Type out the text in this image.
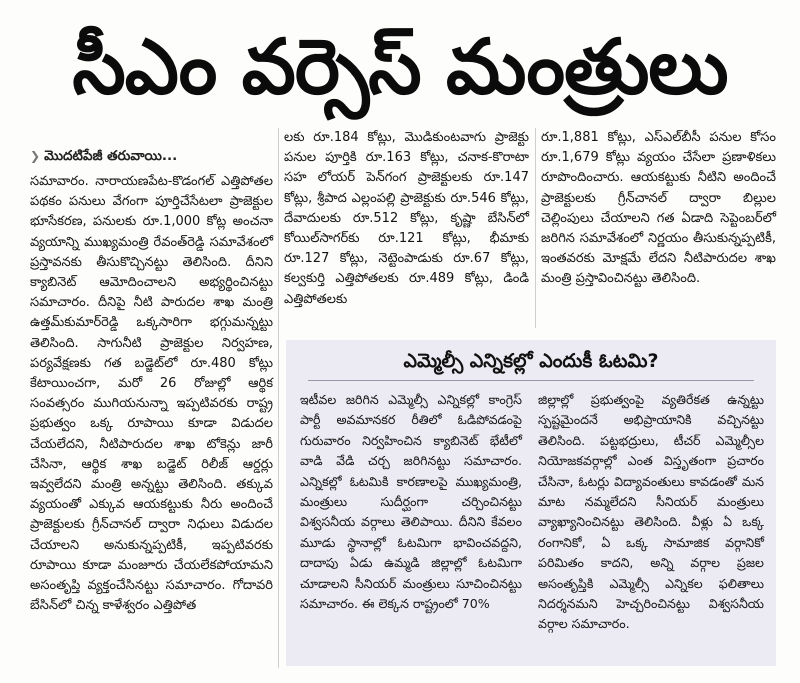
సీఎం వర్సెస్ మంత్రులు
❯ మొదటిపేజీ తరువాయి...

సమావారం. నారాయణపేట-కొడంగల్ ఎత్తిపోతల పథకం పనులు వేగంగా పూర్తిచేసేటలా ప్రాజెక్టుల భూసేకరణ, పనులకు రూ.1,000 కోట్ల అంచనా వ్యయాన్ని ముఖ్యమంత్రి రేవంత్‌రెడ్డి సమావేశంలో ప్రస్తావనకు తీసుకొచ్చినట్టు తెలిసింది. దీనిని క్యాబినెట్ ఆమోదించాలని అభ్యర్థించినట్టు సమాచారం. దీనిపై నీటి పారుదల శాఖ మంత్రి ఉత్తమ్‌కుమార్‌రెడ్డి ఒక్కసారిగా భగ్గుమన్నట్టు తెలిసింది. సాగునీటి ప్రాజెక్టుల నిర్వహణ, పర్యవేక్షణకు గత బడ్జెట్‌లో రూ.480 కోట్లు కేటాయించగా, మరో 26 రోజుల్లో ఆర్థిక సంవత్సరం ముగియనున్నా ఇప్పటివరకు రాష్ట్ర ప్రభుత్వం ఒక్క రూపాయి కూడా విడుదల చేయలేదని, నీటిపారుదల శాఖ టోకెన్లు జారీ చేసినా, ఆర్థిక శాఖ బడ్జెట్ రిలీజ్ ఆర్డర్లు ఇవ్వలేదని మంత్రి అన్నట్టు తెలిసింది. తక్కువ వ్యయంతో ఎక్కువ ఆయకట్టుకు నీరు అందించే ప్రాజెక్టులకు గ్రీన్‌చానల్ ద్వారా నిధులు విడుదల చేయాలని అనుకున్నప్పటికీ, ఇప్పటివరకు రూపాయి కూడా మంజూరు చేయలేకపోయామని అసంతృప్తి వ్యక్తంచేసినట్టు సమాచారం. గోదావరి బేసిన్‌లో చిన్న కాళేశ్వరం ఎత్తిపోత

లకు రూ.184 కోట్లు, మొడికుంటవాగు ప్రాజెక్టు పనుల పూర్తికి రూ.163 కోట్లు, చనాక-కొరాటా సహ లోయర్ పెన్‌గంగ ప్రాజెక్టులకు రూ.147 కోట్లు, శ్రీపాద ఎల్లంపల్లి ప్రాజెక్టుకు రూ.546 కోట్లు, దేవాదులకు రూ.512 కోట్లు, కృష్ణా బేసిన్‌లో కోయిల్‌సాగర్‌కు రూ.121 కోట్లు, భీమాకు రూ.127 కోట్లు, నెట్టెంపాడుకు రూ.67 కోట్లు, కల్వకుర్తి ఎత్తిపోతలకు రూ.489 కోట్లు, డిండి ఎత్తిపోతలకు

రూ.1,881 కోట్లు, ఎస్ఎల్‌బీసీ పనుల కోసం రూ.1,679 కోట్లు వ్యయం చేసేలా ప్రణాళికలు రూపొందించారు. ఆయకట్టుకు నీటిని అందించే ప్రాజెక్టులకు గ్రీన్‌చానల్ ద్వారా బిల్లుల చెల్లింపులు చేయాలని గత ఏడాది సెప్టెంబర్‌లో జరిగిన సమావేశంలో నిర్ణయం తీసుకున్నప్పటికీ, ఇంతవరకు మోక్షమే లేదని నీటిపారుదల శాఖ మంత్రి ప్రస్తావించినట్టు తెలిసింది.

ఎమ్మెల్సీ ఎన్నికల్లో ఎందుకీ ఓటమి?

ఇటీవల జరిగిన ఎమ్మెల్సీ ఎన్నికల్లో కాంగ్రెస్ పార్టీ అవమానకర రీతిలో ఓడిపోవడంపై గురువారం నిర్వహించిన క్యాబినెట్ భేటీలో వాడి వేడి చర్చ జరిగినట్టు సమాచారం. ఎన్నికల్లో ఓటమికి కారణాలపై ముఖ్యమంత్రి, మంత్రులు సుదీర్ఘంగా చర్చించినట్టు విశ్వసనీయ వర్గాలు తెలిపాయి. దీనిని కేవలం మూడు స్థానాల్లో ఓటమిగా భావించవద్దని, దాదాపు ఏడు ఉమ్మడి జిల్లాల్లో ఓటమిగా చూడాలని సీనియర్ మంత్రులు సూచించినట్టు సమాచారం. ఈ లెక్కన రాష్ట్రంలో 70%

జిల్లాల్లో ప్రభుత్వంపై వ్యతిరేకత ఉన్నట్టు స్పష్టమైందనే అభిప్రాయానికి వచ్చినట్టు తెలిసింది. పట్టభద్రులు, టీచర్ ఎమ్మెల్సీల నియోజకవర్గాల్లో ఎంత విస్తృతంగా ప్రచారం చేసినా, ఓటర్లు విద్యావంతులు కావడంతో మన మాట నమ్మలేదని సీనియర్ మంత్రులు వ్యాఖ్యానించినట్టు తెలిసింది. వీళ్లు ఏ ఒక్క రంగానికో, ఏ ఒక్క సామాజిక వర్గానికో పరిమితం కాదని, అన్ని వర్గాల ప్రజల అసంతృప్తికి ఎమ్మెల్సీ ఎన్నికల ఫలితాలు నిదర్శనమని హెచ్చరించినట్టు విశ్వసనీయ వర్గాల సమాచారం.
